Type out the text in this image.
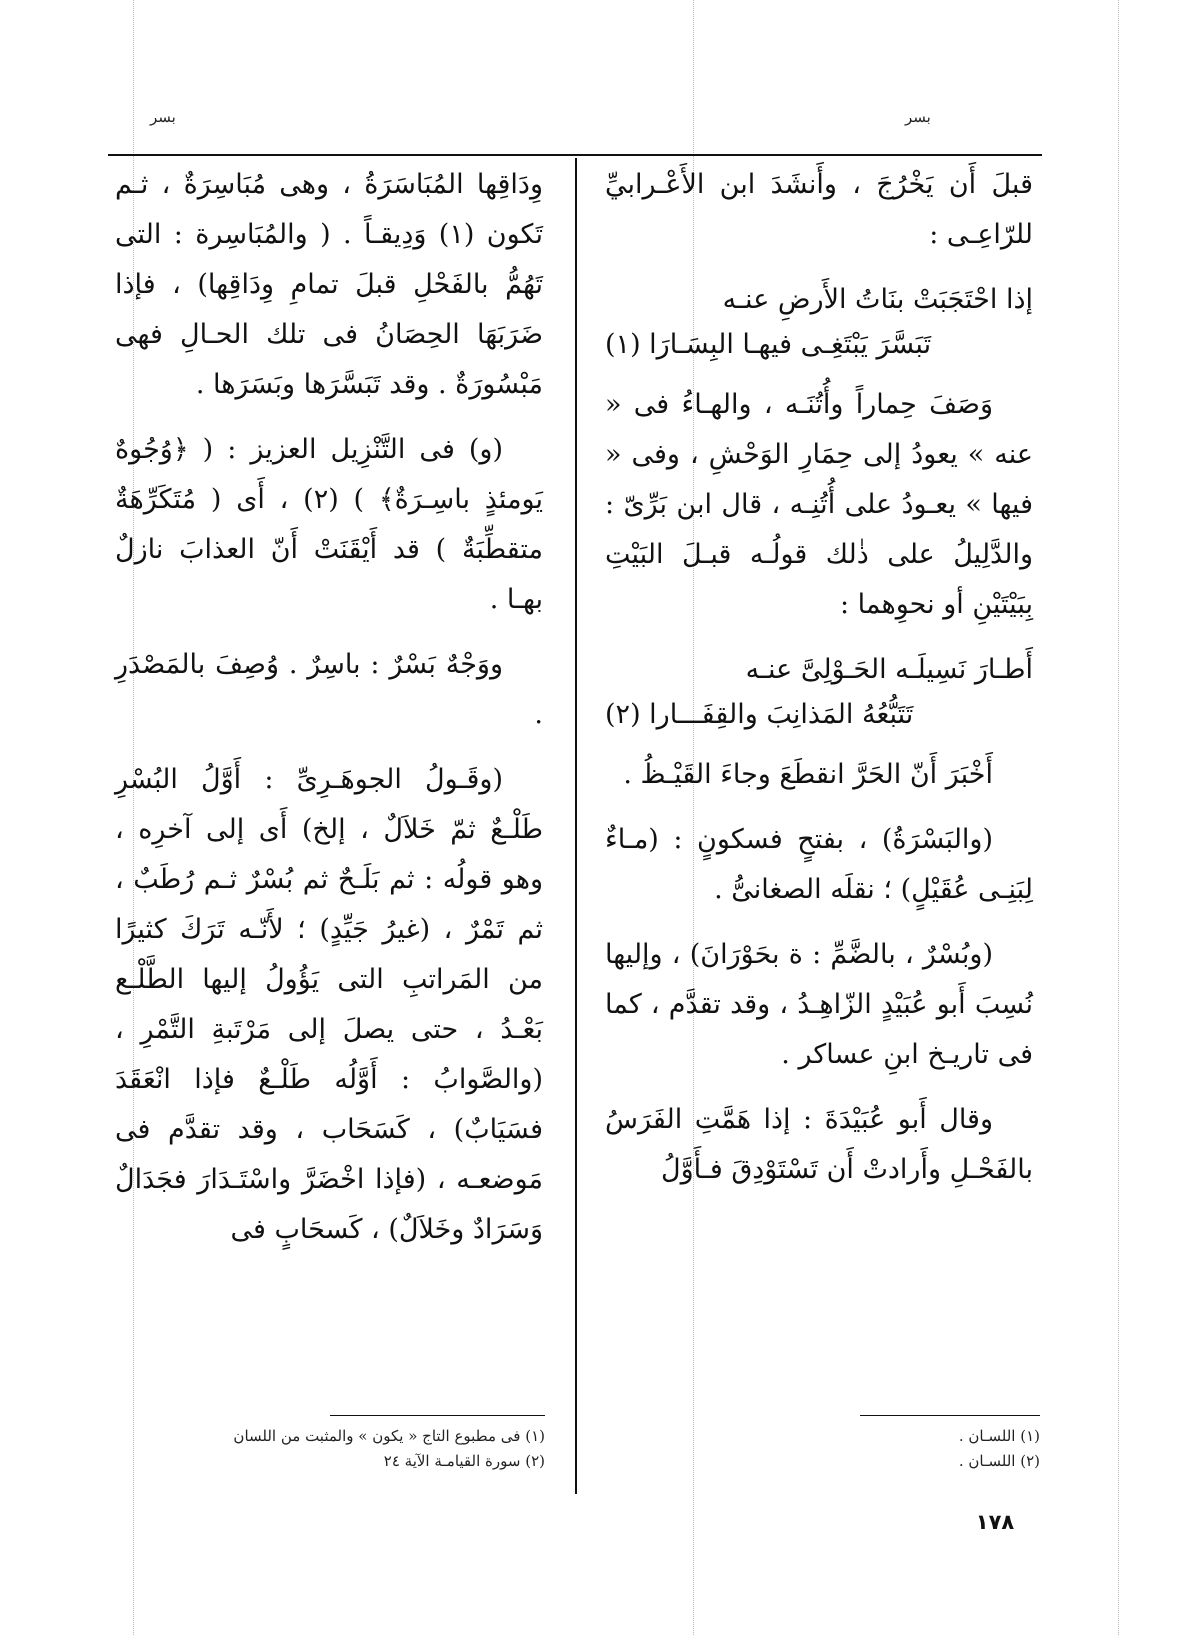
بسر
بسر

قبلَ أَن يَخْرُجَ ، وأَنشَدَ ابن الأَعْـرابيِّ للرّاعِـى :

إذا احْتَجَبَتْ بنَاتُ الأَرضِ عنـه
تَبَسَّرَ يَبْتَغِـى فيهـا البِسَـارَا (١)

وَصَفَ حِماراً وأُتُنَـه ، والهـاءُ فى « عنه » يعودُ إلى حِمَارِ الوَحْشِ ، وفى « فيها » يعـودُ على أُتُنِـه ، قال ابن بَرِّىّ : والدَّلِيلُ على ذٰلك قولُـه قبـلَ البَيْتِ بِبَيْتَيْنِ أو نحوِهما :

أَطـارَ نَسِيلَـه الحَـوْلِىَّ عنـه
تَتَبُّعُهُ المَذانِبَ والقِفَـــارا (٢)

أَخْبَرَ أَنّ الحَرَّ انقطَعَ وجاءَ القَيْـظُ .

(والبَسْرَةُ) ، بفتحٍ فسكونٍ : (مـاءٌ لِبَنِـى عُقَيْلٍ) ؛ نقلَه الصغانىُّ .

(وبُسْرٌ ، بالضَّمِّ : ة بحَوْرَانَ) ، وإليها نُسِبَ أَبو عُبَيْدٍ الزّاهِـدُ ، وقد تقدَّم ، كما فى تاريـخ ابنِ عساكر .

وقال أَبو عُبَيْدَةَ : إذا هَمَّتِ الفَرَسُ بالفَحْـلِ وأَرادتْ أَن تَسْتَوْدِقَ فـأَوَّلُ

وِدَاقِها المُبَاسَرَةُ ، وهى مُبَاسِرَةٌ ، ثـم تَكون (١) وَدِيقـاً . ( والمُبَاسِرة : التى تَهُمُّ بالفَحْلِ قبلَ تمامِ وِدَاقِها) ، فإذا ضَرَبَهَا الحِصَانُ فى تلك الحـالِ فهى مَبْسُورَةٌ . وقد تَبَسَّرَها وبَسَرَها .

(و) فى التَّنْزِيل العزيز : ( ﴿وُجُوهٌ يَومئذٍ باسِـرَةٌ﴾ ) (٢) ، أَى ( مُتَكَرِّهَةٌ متقطِّبَةٌ ) قد أَيْقَنَتْ أَنّ العذابَ نازلٌ بهـا .

ووَجْهٌ بَسْرٌ : باسِرٌ . وُصِفَ بالمَصْدَرِ .

(وقَـولُ الجوهَـرِىِّ : أَوَّلُ البُسْرِ طَلْـعٌ ثمّ خَلاَلٌ ، إلخ) أَى إلى آخرِه ، وهو قولُه : ثم بَلَـحٌ ثم بُسْرٌ ثـم رُطَبٌ ، ثم تَمْرٌ ، (غيرُ جَيِّدٍ) ؛ لأَنّـه تَرَكَ كثيرًا من المَراتبِ التى يَؤُولُ إليها الطَّلْـع بَعْـدُ ، حتى يصلَ إلى مَرْتَبةِ التَّمْرِ ، (والصَّوابُ : أَوَّلُه طَلْـعٌ فإذا انْعَقَدَ فسَيَابٌ) ، كَسَحَاب ، وقد تقدَّم فى مَوضعـه ، (فإذا اخْضَرَّ واسْتَـدَارَ فجَدَالٌ وَسَرَادٌ وخَلاَلٌ) ، كَسحَابٍ فى

(١) اللسـان .
(٢) اللسـان .
(١) فى مطبوع التاج « يكون » والمثبت من اللسان
(٢) سورة القيامـة الآية ٢٤
١٧٨
